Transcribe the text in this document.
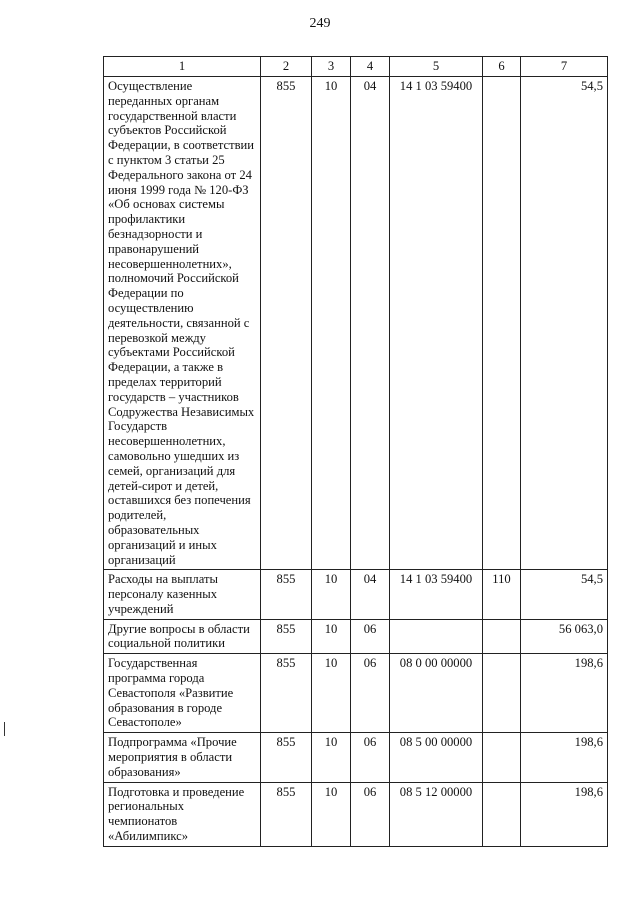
249
1	2	3	4	5	6	7
Осуществление переданных органам государственной власти субъектов Российской Федерации, в соответствии с пунктом 3 статьи 25 Федерального закона от 24 июня 1999 года № 120-ФЗ «Об основах системы профилактики безнадзорности и правонарушений несовершеннолетних», полномочий Российской Федерации по осуществлению деятельности, связанной с перевозкой между субъектами Российской Федерации, а также в пределах территорий государств – участников Содружества Независимых Государств несовершеннолетних, самовольно ушедших из семей, организаций для детей-сирот и детей, оставшихся без попечения родителей, образовательных организаций и иных организаций	855	10	04	14 1 03 59400		54,5
Расходы на выплаты персоналу казенных учреждений	855	10	04	14 1 03 59400	110	54,5
Другие вопросы в области социальной политики	855	10	06			56 063,0
Государственная программа города Севастополя «Развитие образования в городе Севастополе»	855	10	06	08 0 00 00000		198,6
Подпрограмма «Прочие мероприятия в области образования»	855	10	06	08 5 00 00000		198,6
Подготовка и проведение региональных чемпионатов «Абилимпикс»	855	10	06	08 5 12 00000		198,6
